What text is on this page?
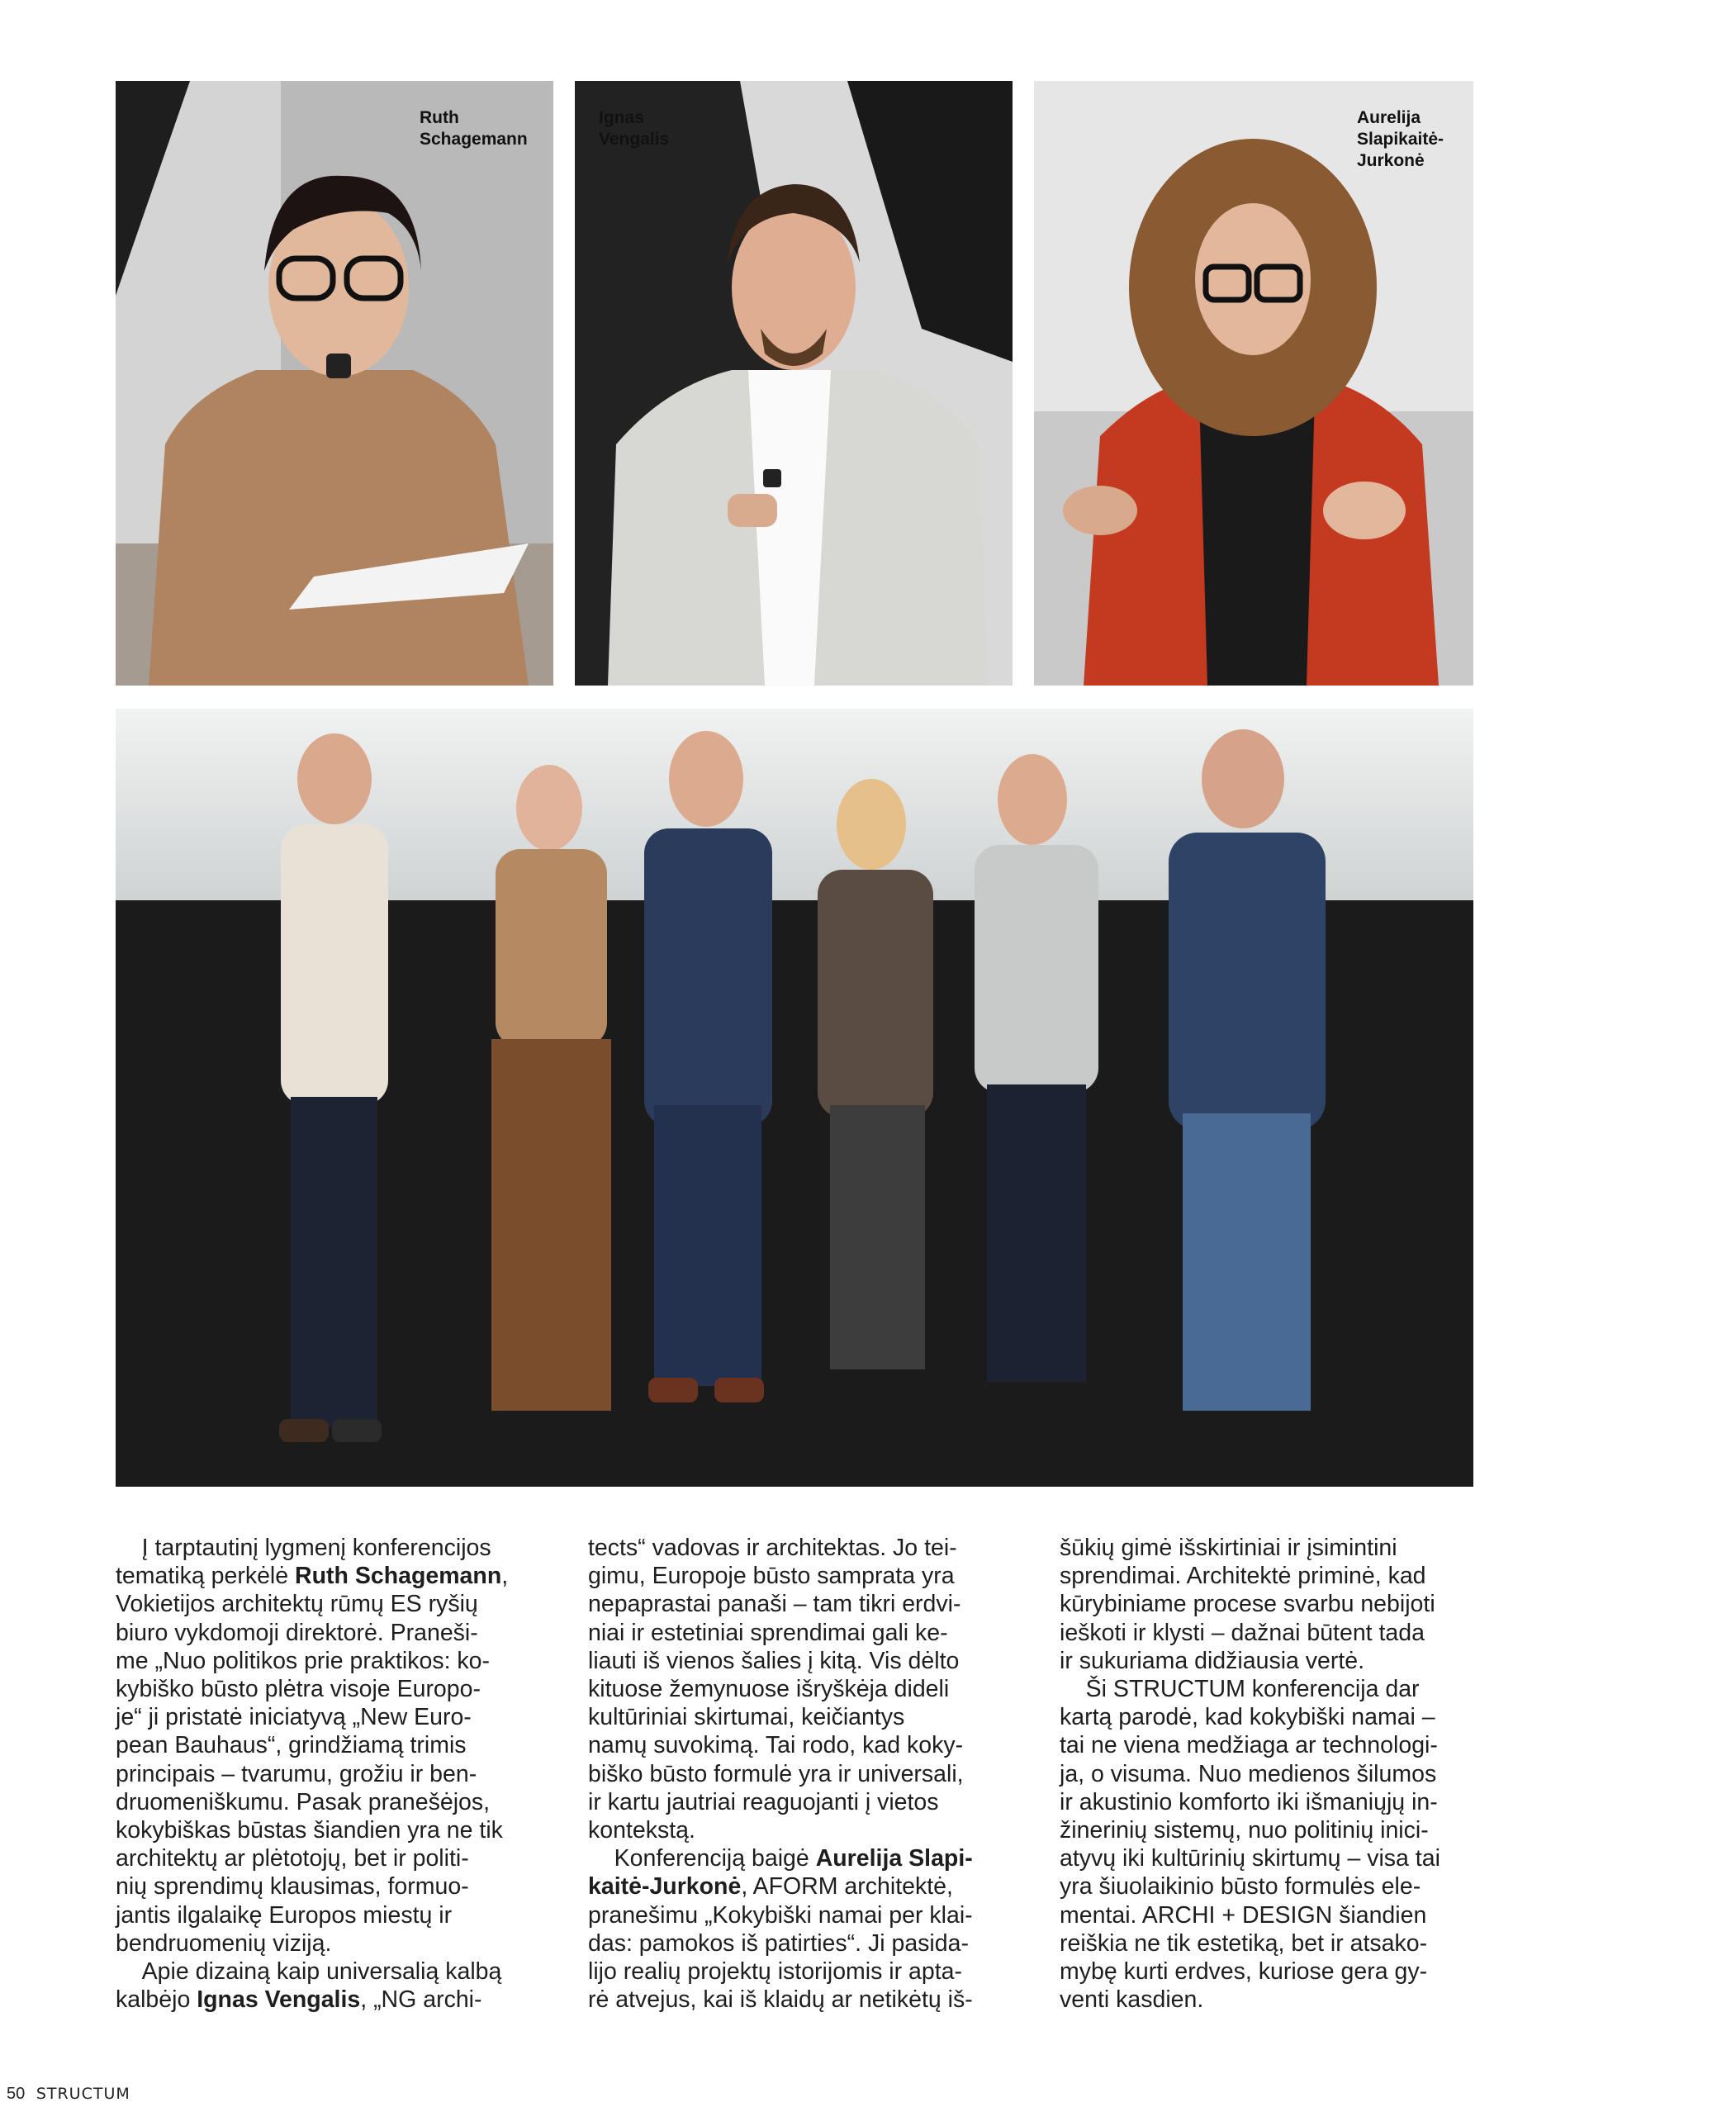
Ruth
Schagemann
Ignas
Vengalis
Aurelija
Slapikaitė-
Jurkonė

Į tarptautinį lygmenį konferencijos

tematiką perkėlė Ruth Schagemann,

Vokietijos architektų rūmų ES ryšių

biuro vykdomoji direktorė. Praneši-

me „Nuo politikos prie praktikos: ko-

kybiško būsto plėtra visoje Europo-

je“ ji pristatė iniciatyvą „New Euro-

pean Bauhaus“, grindžiamą trimis

principais – tvarumu, grožiu ir ben-

druomeniškumu. Pasak pranešėjos,

kokybiškas būstas šiandien yra ne tik

architektų ar plėtotojų, bet ir politi-

nių sprendimų klausimas, formuo-

jantis ilgalaikę Europos miestų ir

bendruomenių viziją.

Apie dizainą kaip universalią kalbą

kalbėjo Ignas Vengalis, „NG archi-

tects“ vadovas ir architektas. Jo tei-

gimu, Europoje būsto samprata yra

nepaprastai panaši – tam tikri erdvi-

niai ir estetiniai sprendimai gali ke-

liauti iš vienos šalies į kitą. Vis dėlto

kituose žemynuose išryškėja dideli

kultūriniai skirtumai, keičiantys

namų suvokimą. Tai rodo, kad koky-

biško būsto formulė yra ir universali,

ir kartu jautriai reaguojanti į vietos

kontekstą.

Konferenciją baigė Aurelija Slapi-

kaitė-Jurkonė, AFORM architektė,

pranešimu „Kokybiški namai per klai-

das: pamokos iš patirties“. Ji pasida-

lijo realių projektų istorijomis ir apta-

rė atvejus, kai iš klaidų ar netikėtų iš-

šūkių gimė išskirtiniai ir įsimintini

sprendimai. Architektė priminė, kad

kūrybiniame procese svarbu nebijoti

ieškoti ir klysti – dažnai būtent tada

ir sukuriama didžiausia vertė.

Ši STRUCTUM konferencija dar

kartą parodė, kad kokybiški namai –

tai ne viena medžiaga ar technologi-

ja, o visuma. Nuo medienos šilumos

ir akustinio komforto iki išmaniųjų in-

žinerinių sistemų, nuo politinių inici-

atyvų iki kultūrinių skirtumų – visa tai

yra šiuolaikinio būsto formulės ele-

mentai. ARCHI + DESIGN šiandien

reiškia ne tik estetiką, bet ir atsako-

mybę kurti erdves, kuriose gera gy-

venti kasdien.

50 STRUCTUM
